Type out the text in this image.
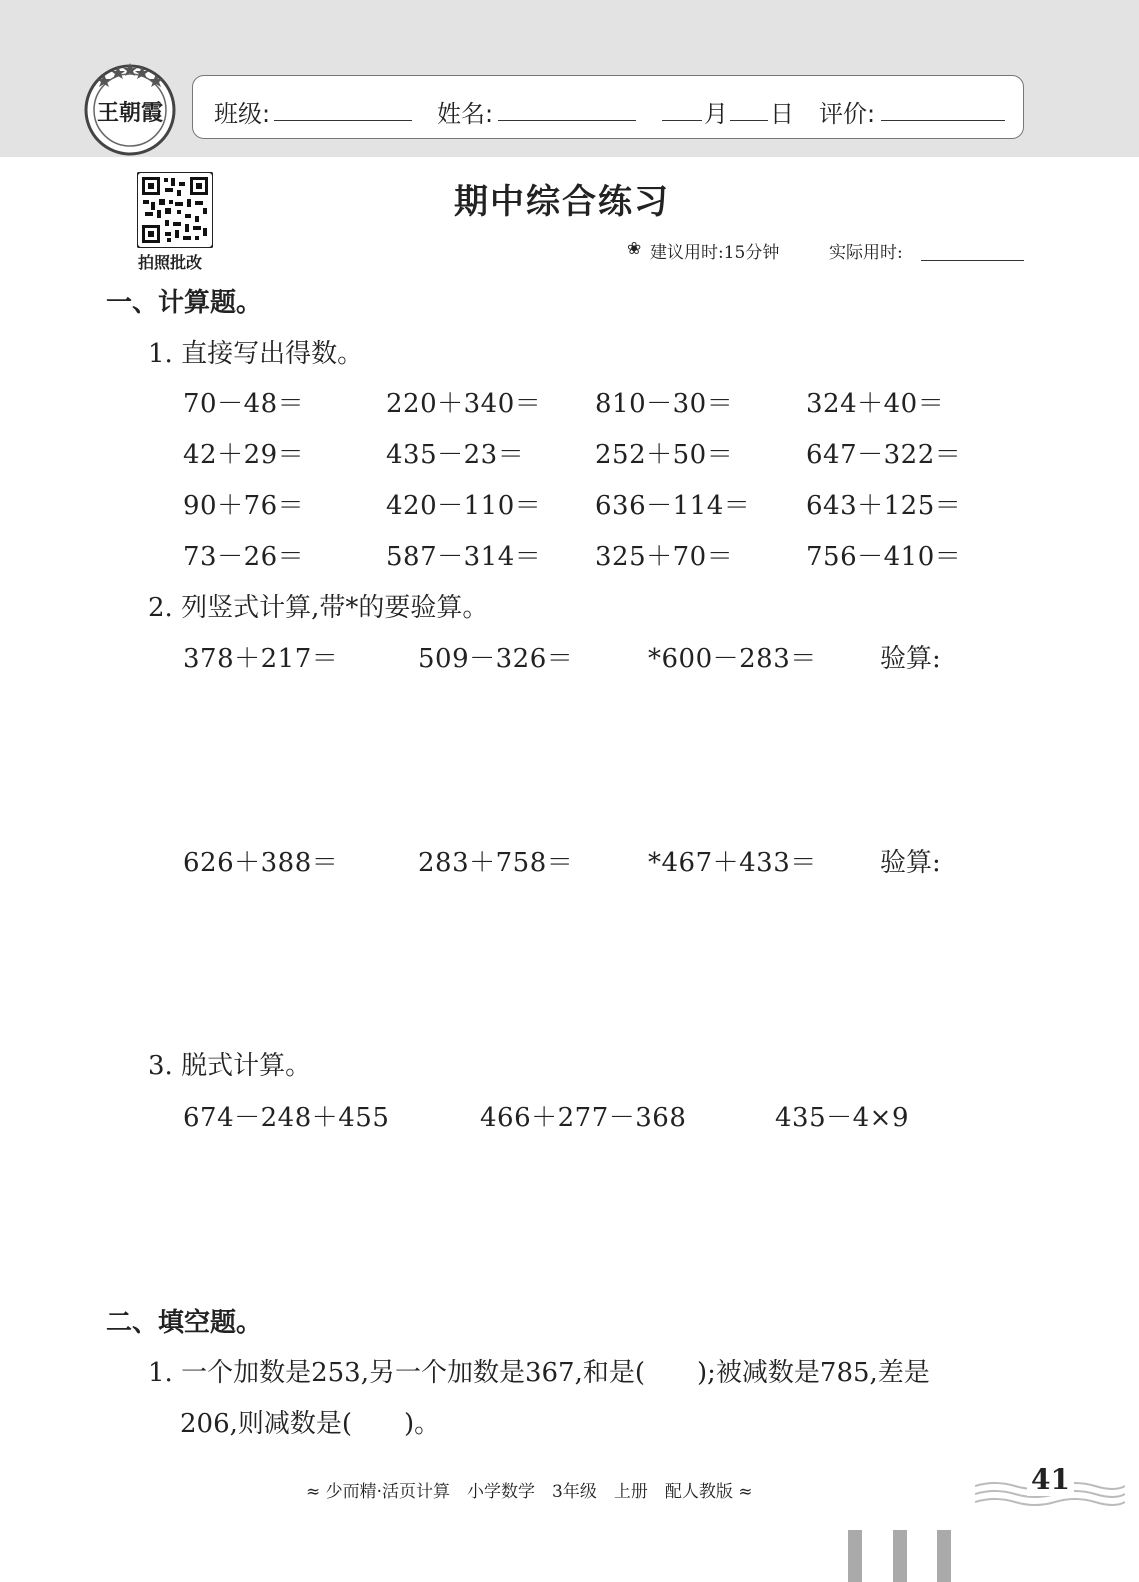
王朝霞 班级:	姓名:	月 日 评价:
拍照批改
期中综合练习
❀ 建议用时:15分钟	实际用时:
一、计算题。
1. 直接写出得数。
70－48＝	220＋340＝ 810－30＝	324＋40＝
42＋29＝	435－23＝	252＋50＝	647－322＝
90＋76＝	420－110＝ 636－114＝ 643＋125＝
73－26＝	587－314＝ 325＋70＝	756－410＝
2. 列竖式计算,带*的要验算。
378＋217＝	509－326＝	*600－283＝ 验算:
626＋388＝	283＋758＝	*467＋433＝ 验算:
3. 脱式计算。
674－248＋455	466＋277－368	435－4×9
二、填空题。
1. 一个加数是253,另一个加数是367,和是(　　);被减数是785,差是
206,则减数是(　　)。
≈ 少而精·活页计算　小学数学　3年级　上册　配人教版 ≈	41
